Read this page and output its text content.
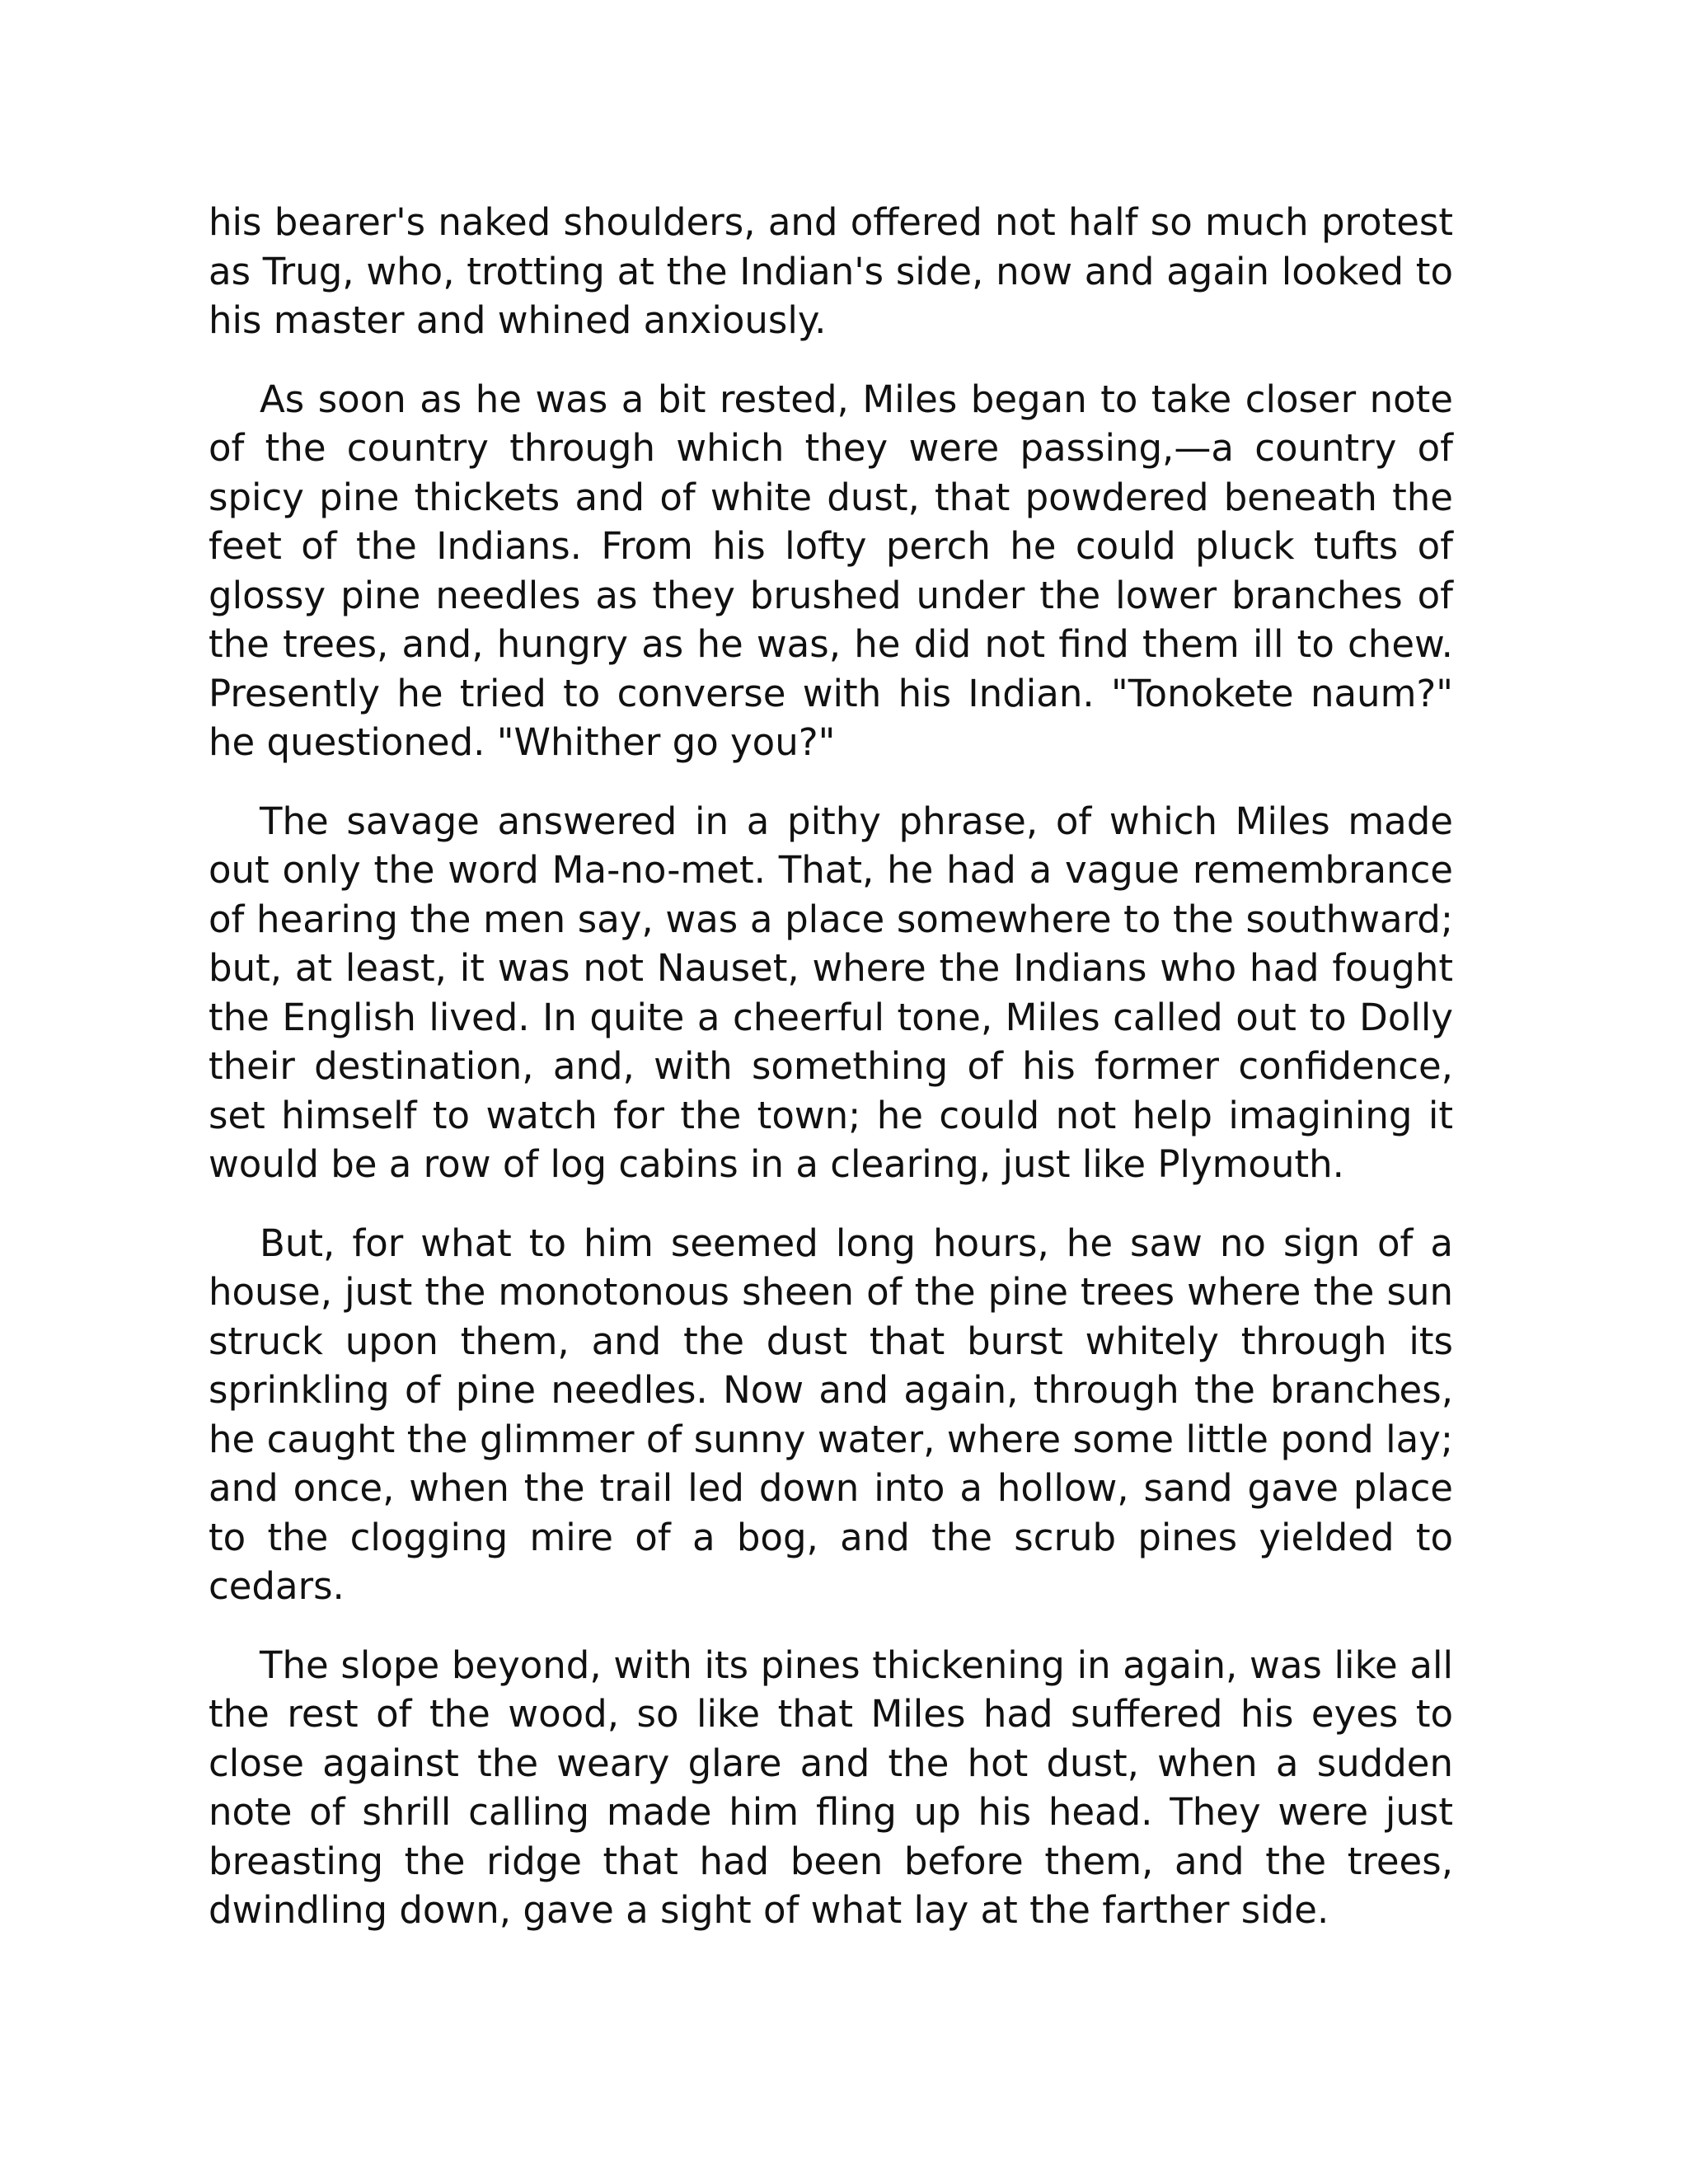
his bearer's naked shoulders, and offered not half so much protest as Trug, who, trotting at the Indian's side, now and again looked to his master and whined anxiously.

As soon as he was a bit rested, Miles began to take closer note of the country through which they were passing,—a country of spicy pine thickets and of white dust, that powdered beneath the feet of the Indians. From his lofty perch he could pluck tufts of glossy pine needles as they brushed under the lower branches of the trees, and, hungry as he was, he did not find them ill to chew. Presently he tried to converse with his Indian. "Tonokete naum?" he questioned. "Whither go you?"

The savage answered in a pithy phrase, of which Miles made out only the word Ma-no-met. That, he had a vague remembrance of hearing the men say, was a place somewhere to the southward; but, at least, it was not Nauset, where the Indians who had fought the English lived. In quite a cheerful tone, Miles called out to Dolly their destination, and, with something of his former confidence, set himself to watch for the town; he could not help imagining it would be a row of log cabins in a clearing, just like Plymouth.

But, for what to him seemed long hours, he saw no sign of a house, just the monotonous sheen of the pine trees where the sun struck upon them, and the dust that burst whitely through its sprinkling of pine needles. Now and again, through the branches, he caught the glimmer of sunny water, where some little pond lay; and once, when the trail led down into a hollow, sand gave place to the clogging mire of a bog, and the scrub pines yielded to cedars.

The slope beyond, with its pines thickening in again, was like all the rest of the wood, so like that Miles had suffered his eyes to close against the weary glare and the hot dust, when a sudden note of shrill calling made him fling up his head. They were just breasting the ridge that had been before them, and the trees, dwindling down, gave a sight of what lay at the farther side.
